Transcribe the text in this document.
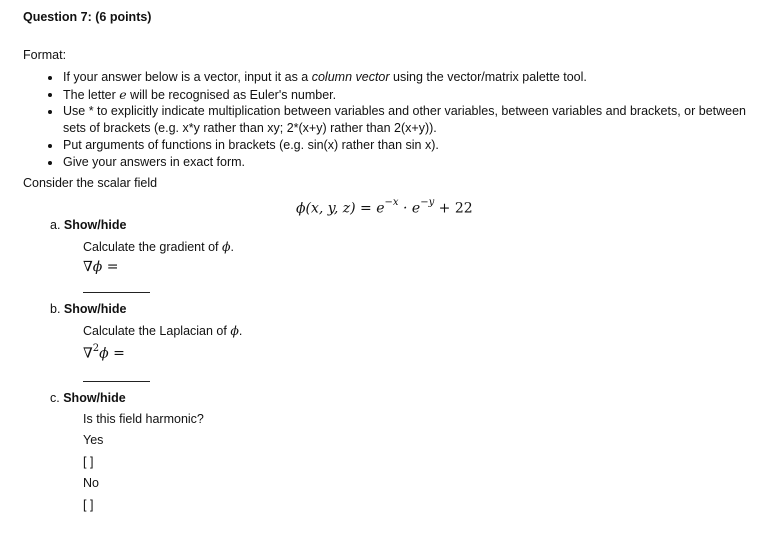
Question 7: (6 points)
Format:
If your answer below is a vector, input it as a column vector using the vector/matrix palette tool.
The letter e will be recognised as Euler's number.
Use * to explicitly indicate multiplication between variables and other variables, between variables and brackets, or between
sets of brackets (e.g. x*y rather than xy; 2*(x+y) rather than 2(x+y)).
Put arguments of functions in brackets (e.g. sin(x) rather than sin x).
Give your answers in exact form.
Consider the scalar field
ϕ(x, y, $z) = e^{-x} \cdot e^{-y} + 22$
a. Show/hide
Calculate the gradient of ϕ.
∇ϕ =
b. Show/hide
Calculate the Laplacian of ϕ.
∇$^2$ϕ =
c. Show/hide
Is this field harmonic?
Yes
[ ]
No
[ ]
